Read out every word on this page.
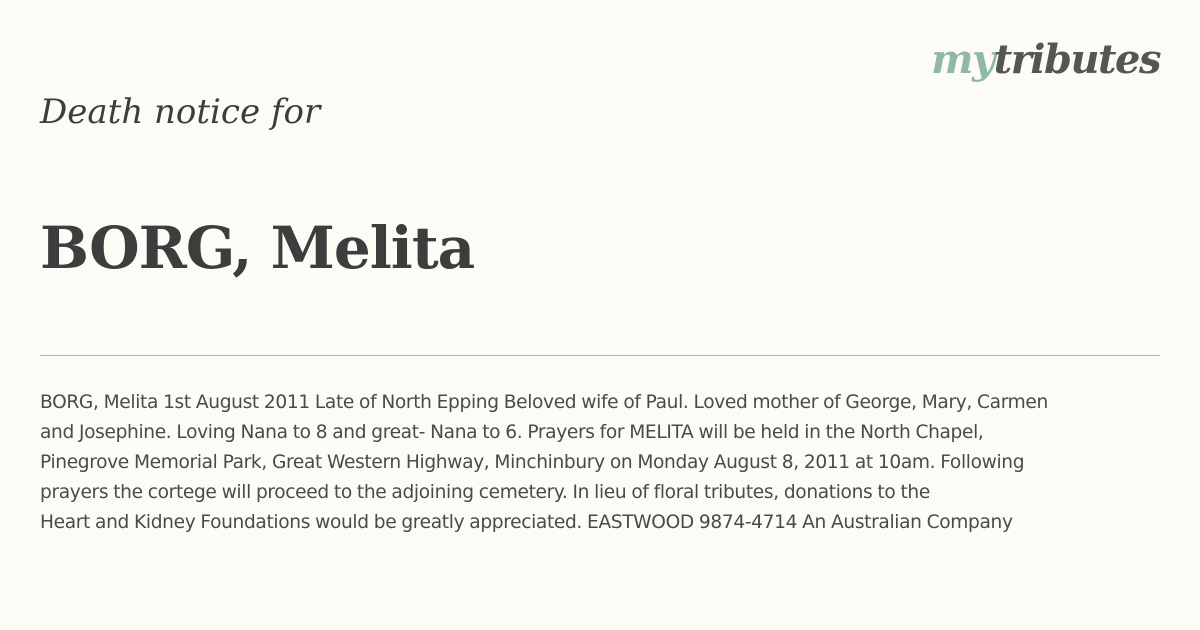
mytributes
Death notice for
BORG, Melita
BORG, Melita 1st August 2011 Late of North Epping Beloved wife of Paul. Loved mother of George, Mary, Carmen
and Josephine. Loving Nana to 8 and great- Nana to 6. Prayers for MELITA will be held in the North Chapel,
Pinegrove Memorial Park, Great Western Highway, Minchinbury on Monday August 8, 2011 at 10am. Following
prayers the cortege will proceed to the adjoining cemetery. In lieu of floral tributes, donations to the
Heart and Kidney Foundations would be greatly appreciated. EASTWOOD 9874-4714 An Australian Company
